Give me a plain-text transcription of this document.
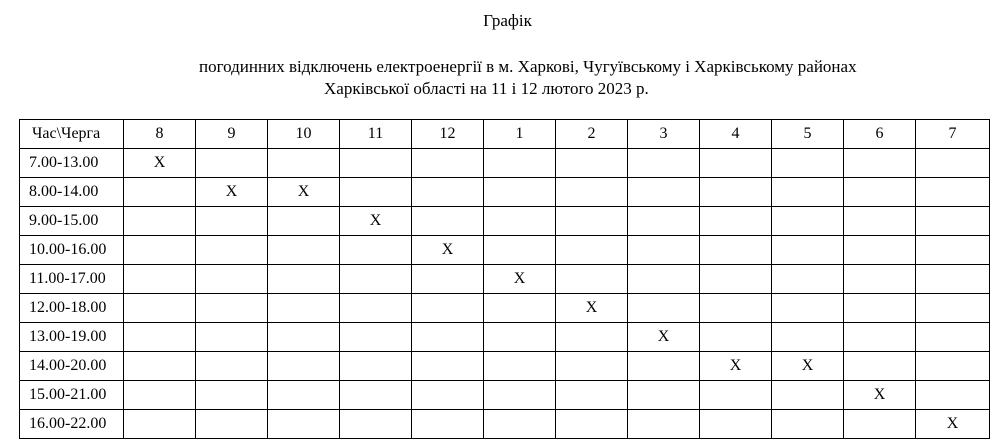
Графік
погодинних відключень електроенергії в м. Харкові, Чугуївському і Харківському районах
Харківської області на 11 і 12 лютого 2023 р.
Час\Черга	8	9	10	11	12	1	2	3	4	5	6	7
7.00-13.00	Х											
8.00-14.00		Х	Х									
9.00-15.00				Х								
10.00-16.00					Х							
11.00-17.00						Х						
12.00-18.00							Х					
13.00-19.00								Х				
14.00-20.00									Х	Х		
15.00-21.00											Х	
16.00-22.00												Х
